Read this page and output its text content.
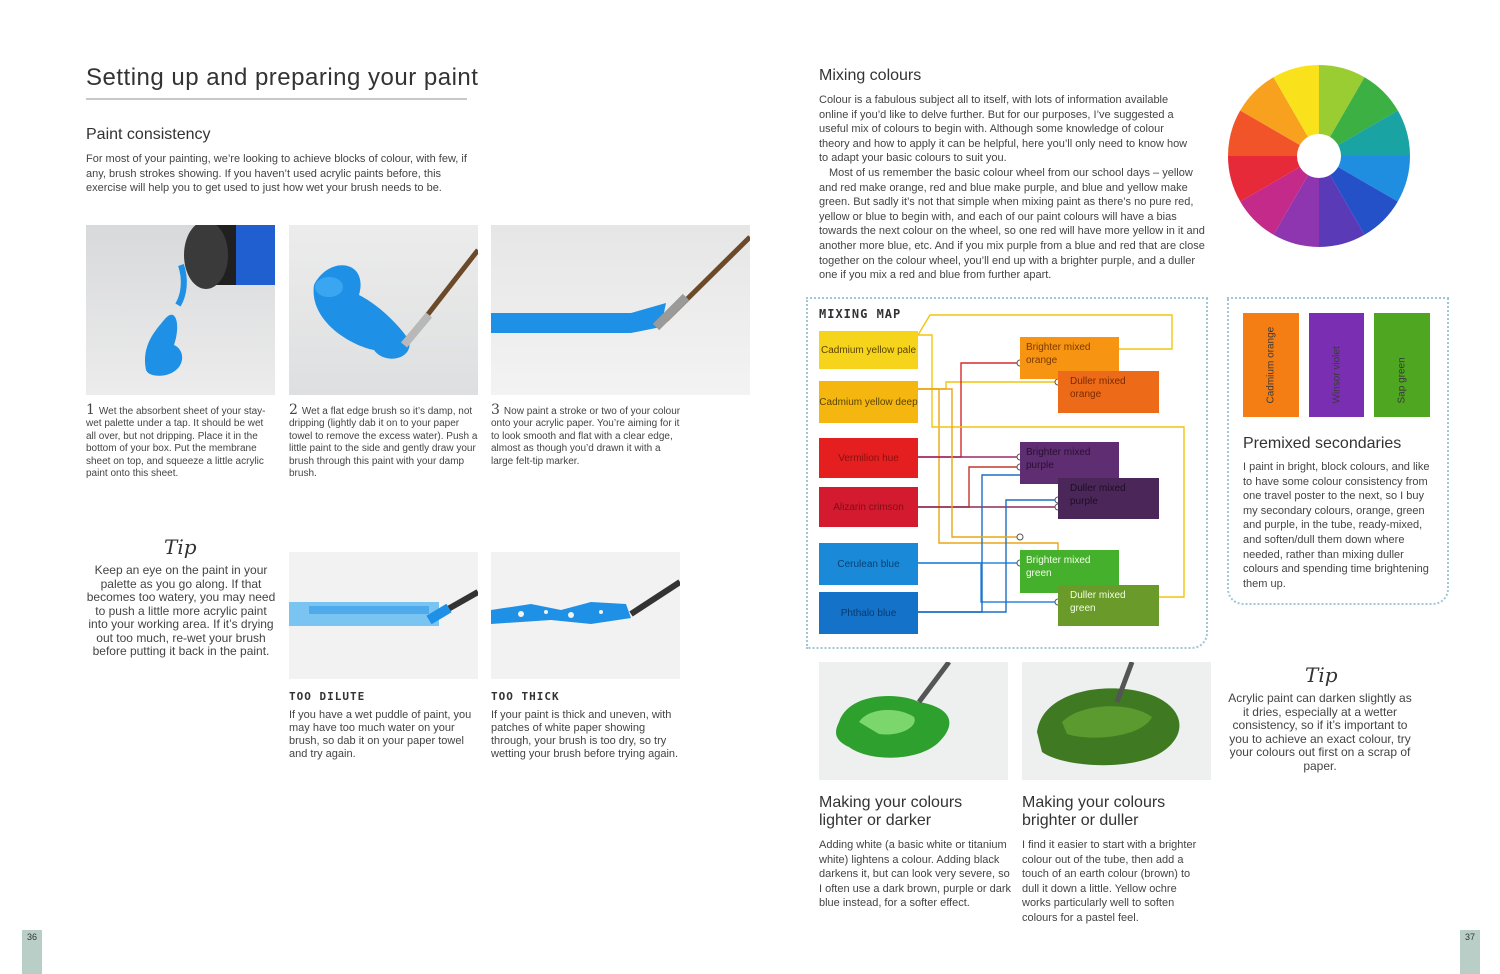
Setting up and preparing your paint
Paint consistency
For most of your painting, we’re looking to achieve blocks of colour, with few, if any, brush strokes showing. If you haven’t used acrylic paints before, this exercise will help you to get used to just how wet your brush needs to be.
1 Wet the absorbent sheet of your stay-wet palette under a tap. It should be wet all over, but not dripping. Place it in the bottom of your box. Put the membrane sheet on top, and squeeze a little acrylic paint onto this sheet.
2 Wet a flat edge brush so it’s damp, not dripping (lightly dab it on to your paper towel to remove the excess water). Push a little paint to the side and gently draw your brush through this paint with your damp brush.
3 Now paint a stroke or two of your colour onto your acrylic paper. You’re aiming for it to look smooth and flat with a clear edge, almost as though you’d drawn it with a large felt-tip marker.
Tip
Keep an eye on the paint in your palette as you go along. If that becomes too watery, you may need to push a little more acrylic paint into your working area. If it’s drying out too much, re-wet your brush before putting it back in the paint.
TOO DILUTE
If you have a wet puddle of paint, you may have too much water on your brush, so dab it on your paper towel and try again.
TOO THICK
If your paint is thick and uneven, with patches of white paper showing through, your brush is too dry, so try wetting your brush before trying again.
36
Mixing colours
Colour is a fabulous subject all to itself, with lots of information available online if you’d like to delve further. But for our purposes, I’ve suggested a useful mix of colours to begin with. Although some knowledge of colour theory and how to apply it can be helpful, here you’ll only need to know how to adapt your basic colours to suit you.
Most of us remember the basic colour wheel from our school days – yellow and red make orange, red and blue make purple, and blue and yellow make green. But sadly it’s not that simple when mixing paint as there’s no pure red, yellow or blue to begin with, and each of our paint colours will have a bias towards the next colour on the wheel, so one red will have more yellow in it and another more blue, etc. And if you mix purple from a blue and red that are close together on the colour wheel, you’ll end up with a brighter purple, and a duller one if you mix a red and blue from further apart.
MIXING MAP
Cadmium yellow pale
Cadmium yellow deep
Vermilion hue
Alizarin crimson
Cerulean blue
Phthalo blue
Brighter mixed orange
Duller mixed orange
Brighter mixed purple
Duller mixed purple
Brighter mixed green
Duller mixed green
Cadmium orange	Winsor violet	Sap green
Premixed secondaries
I paint in bright, block colours, and like to have some colour consistency from one travel poster to the next, so I buy my secondary colours, orange, green and purple, in the tube, ready-mixed, and soften/dull them down where needed, rather than mixing duller colours and spending time brightening them up.
Making your colours lighter or darker
Adding white (a basic white or titanium white) lightens a colour. Adding black darkens it, but can look very severe, so I often use a dark brown, purple or dark blue instead, for a softer effect.
Making your colours brighter or duller
I find it easier to start with a brighter colour out of the tube, then add a touch of an earth colour (brown) to dull it down a little. Yellow ochre works particularly well to soften colours for a pastel feel.
Tip
Acrylic paint can darken slightly as it dries, especially at a wetter consistency, so if it’s important to you to achieve an exact colour, try your colours out first on a scrap of paper.
37
